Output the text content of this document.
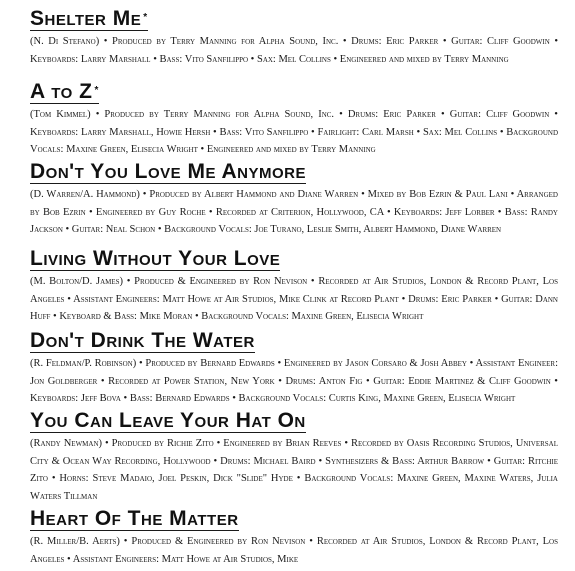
Shelter Me *

(N. Di Stefano) • Produced by Terry Manning for Alpha Sound, Inc. • Drums: Eric Parker • Guitar: Cliff Goodwin • Keyboards: Larry Marshall • Bass: Vito Sanfilippo • Sax: Mel Collins • Engineered and mixed by Terry Manning

A to Z *

(Tom Kimmel) • Produced by Terry Manning for Alpha Sound, Inc. • Drums: Eric Parker • Guitar: Cliff Goodwin • Keyboards: Larry Marshall, Howie Hersh • Bass: Vito Sanfilippo • Fairlight: Carl Marsh • Sax: Mel Collins • Background Vocals: Maxine Green, Elisecia Wright • Engineered and mixed by Terry Manning

Don't You Love Me Anymore

(D. Warren/A. Hammond) • Produced by Albert Hammond and Diane Warren • Mixed by Bob Ezrin & Paul Lani • Arranged by Bob Ezrin • Engineered by Guy Roche • Recorded at Criterion, Hollywood, CA • Keyboards: Jeff Lorber • Bass: Randy Jackson • Guitar: Neal Schon • Background Vocals: Joe Turano, Leslie Smith, Albert Hammond, Diane Warren

Living Without Your Love

(M. Bolton/D. James) • Produced & Engineered by Ron Nevison • Recorded at Air Studios, London & Record Plant, Los Angeles • Assistant Engineers: Matt Howe at Air Studios, Mike Clink at Record Plant • Drums: Eric Parker • Guitar: Dann Huff • Keyboard & Bass: Mike Moran • Background Vocals: Maxine Green, Elisecia Wright

Don't Drink The Water

(R. Feldman/P. Robinson) • Produced by Bernard Edwards • Engineered by Jason Corsaro & Josh Abbey • Assistant Engineer: Jon Goldberger • Recorded at Power Station, New York • Drums: Anton Fig • Guitar: Eddie Martinez & Cliff Goodwin • Keyboards: Jeff Bova • Bass: Bernard Edwards • Background Vocals: Curtis King, Maxine Green, Elisecia Wright

You Can Leave Your Hat On

(Randy Newman) • Produced by Richie Zito • Engineered by Brian Reeves • Recorded by Oasis Recording Studios, Universal City & Ocean Way Recording, Hollywood • Drums: Michael Baird • Synthesizers & Bass: Arthur Barrow • Guitar: Ritchie Zito • Horns: Steve Madaio, Joel Peskin, Dick "Slide" Hyde • Background Vocals: Maxine Green, Maxine Waters, Julia Waters Tillman

Heart Of The Matter

(R. Miller/B. Aerts) • Produced & Engineered by Ron Nevison • Recorded at Air Studios, London & Record Plant, Los Angeles • Assistant Engineers: Matt Howe at Air Studios, Mike
